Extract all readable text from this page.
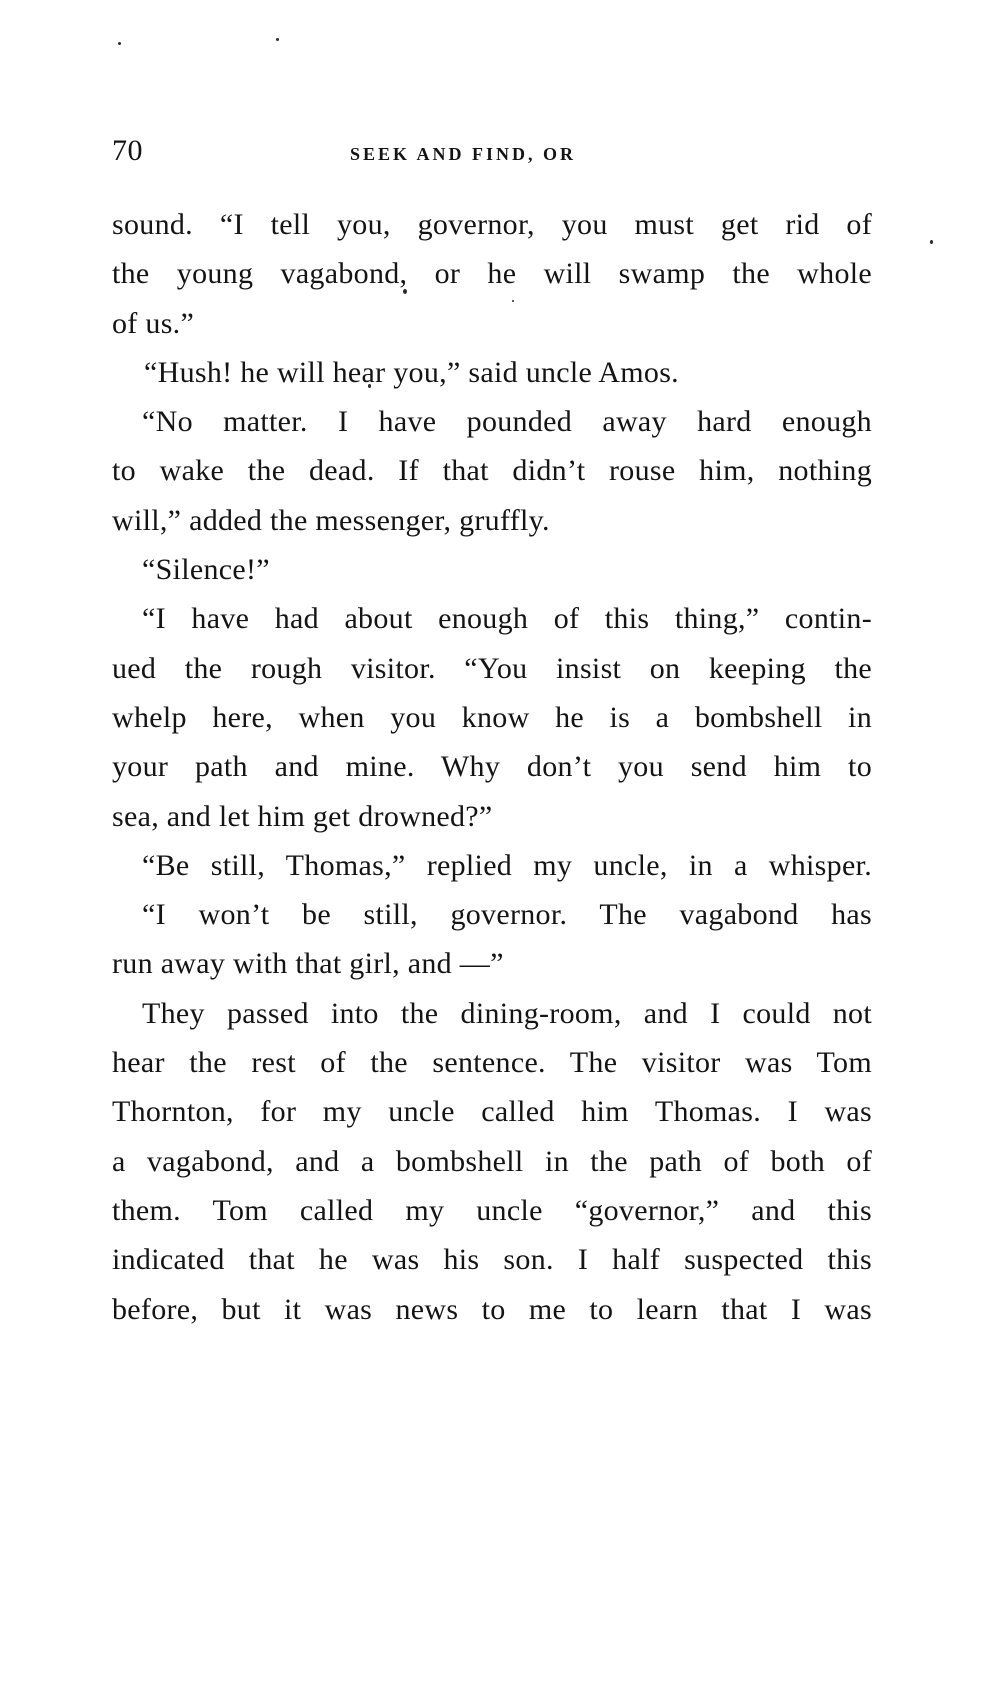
70	SEEK AND FIND, OR
sound. “I tell you, governor, you must get rid of
the young vagabond, or he will swamp the whole
of us.”
“Hush! he will hear you,” said uncle Amos.
“No matter. I have pounded away hard enough
to wake the dead. If that didn’t rouse him, nothing
will,” added the messenger, gruffly.
“Silence!”
“I have had about enough of this thing,” contin-
ued the rough visitor. “You insist on keeping the
whelp here, when you know he is a bombshell in
your path and mine. Why don’t you send him to
sea, and let him get drowned?”
“Be still, Thomas,” replied my uncle, in a whisper.
“I won’t be still, governor. The vagabond has
run away with that girl, and —”
They passed into the dining-room, and I could not
hear the rest of the sentence. The visitor was Tom
Thornton, for my uncle called him Thomas. I was
a vagabond, and a bombshell in the path of both of
them. Tom called my uncle “governor,” and this
indicated that he was his son. I half suspected this
before, but it was news to me to learn that I was
